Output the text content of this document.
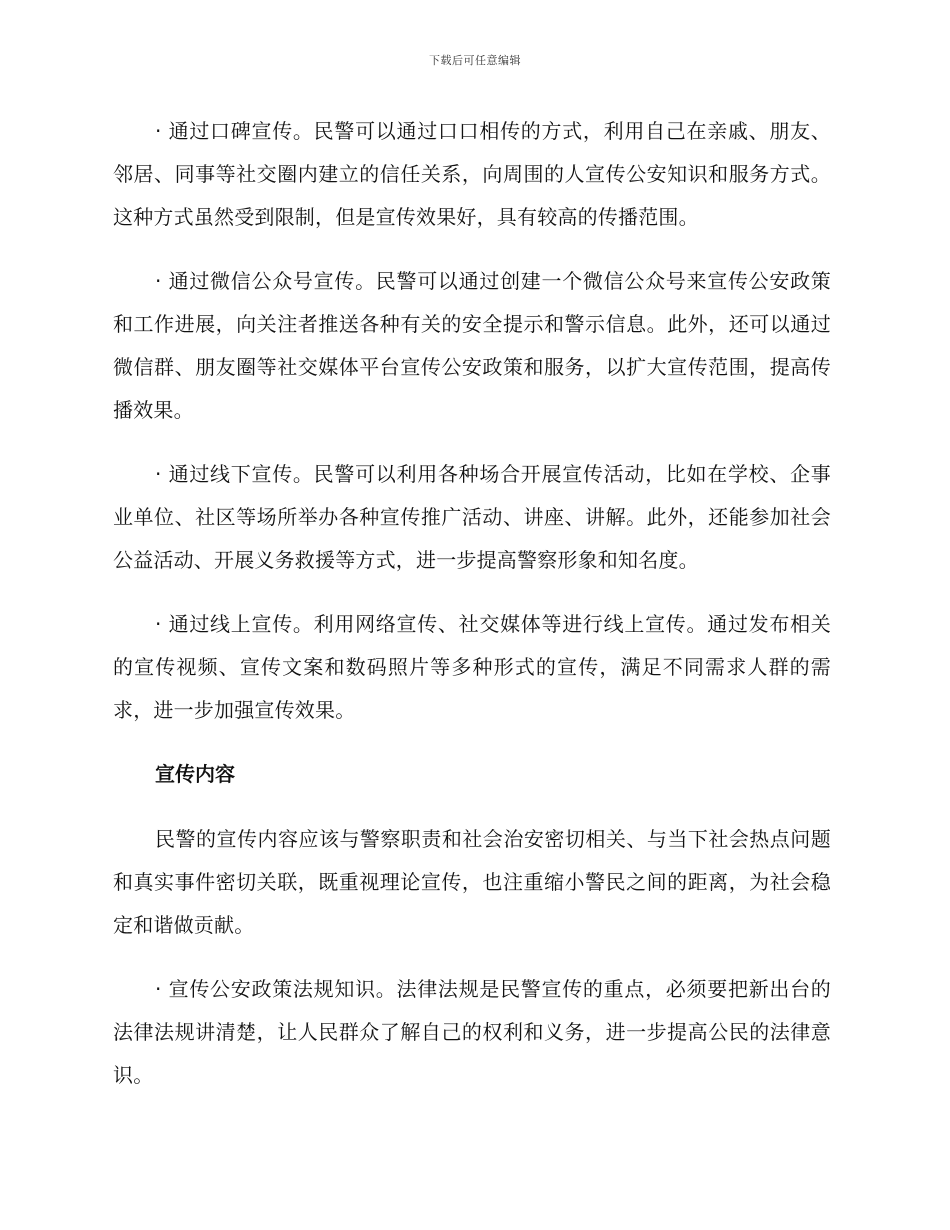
下载后可任意编辑

· 通过口碑宣传。民警可以通过口口相传的方式，利用自己在亲戚、朋友、邻居、同事等社交圈内建立的信任关系，向周围的人宣传公安知识和服务方式。这种方式虽然受到限制，但是宣传效果好，具有较高的传播范围。

· 通过微信公众号宣传。民警可以通过创建一个微信公众号来宣传公安政策和工作进展，向关注者推送各种有关的安全提示和警示信息。此外，还可以通过微信群、朋友圈等社交媒体平台宣传公安政策和服务，以扩大宣传范围，提高传播效果。

· 通过线下宣传。民警可以利用各种场合开展宣传活动，比如在学校、企事业单位、社区等场所举办各种宣传推广活动、讲座、讲解。此外，还能参加社会公益活动、开展义务救援等方式，进一步提高警察形象和知名度。

· 通过线上宣传。利用网络宣传、社交媒体等进行线上宣传。通过发布相关的宣传视频、宣传文案和数码照片等多种形式的宣传，满足不同需求人群的需求，进一步加强宣传效果。

宣传内容

民警的宣传内容应该与警察职责和社会治安密切相关、与当下社会热点问题和真实事件密切关联，既重视理论宣传，也注重缩小警民之间的距离，为社会稳定和谐做贡献。

· 宣传公安政策法规知识。法律法规是民警宣传的重点，必须要把新出台的法律法规讲清楚，让人民群众了解自己的权利和义务，进一步提高公民的法律意识。
